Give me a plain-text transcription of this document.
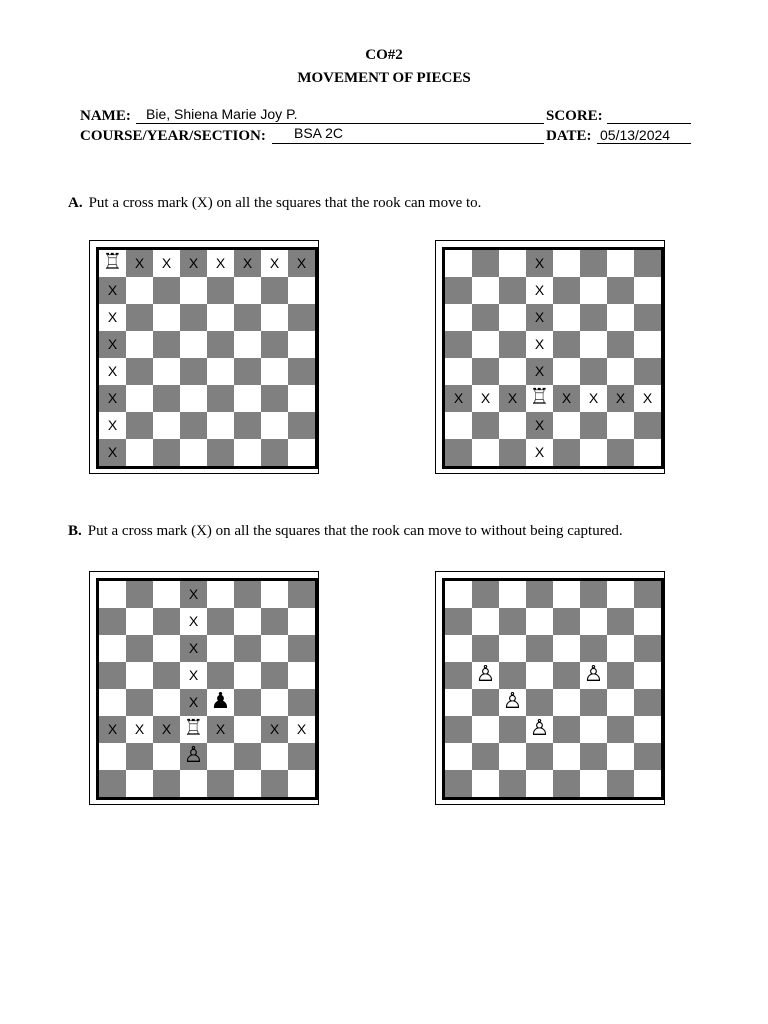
CO#2
MOVEMENT OF PIECES
NAME: Bie, Shiena Marie Joy P.	SCORE:
COURSE/YEAR/SECTION: BSA 2C	DATE: 05/13/2024
A. Put a cross mark (X) on all the squares that the rook can move to.
♖ X	X	X	X	X	X	X
X
X
X
X
X
X
X
X
X
X
X
X
X	X	X ♖ X	X	X	X
X
X
B. Put a cross mark (X) on all the squares that the rook can move to without being captured.
X
X
X
X
X ♟
X	X	X ♖ X	X	X
♙
♙	♙
♙
♙
